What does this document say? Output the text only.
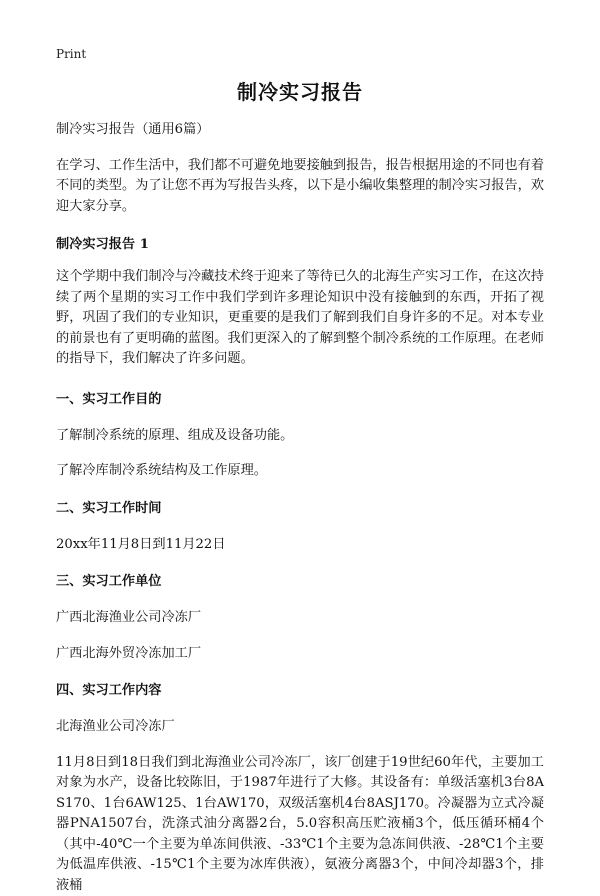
Print
制冷实习报告

制冷实习报告（通用6篇）

在学习、工作生活中，我们都不可避免地要接触到报告，报告根据用途的不同也有着不同的类型。为了让您不再为写报告头疼，以下是小编收集整理的制冷实习报告，欢迎大家分享。

制冷实习报告 1

这个学期中我们制冷与冷藏技术终于迎来了等待已久的北海生产实习工作，在这次持续了两个星期的实习工作中我们学到许多理论知识中没有接触到的东西，开拓了视野，巩固了我们的专业知识，更重要的是我们了解到我们自身许多的不足。对本专业的前景也有了更明确的蓝图。我们更深入的了解到整个制冷系统的工作原理。在老师的指导下，我们解决了许多问题。

一、实习工作目的

了解制冷系统的原理、组成及设备功能。

了解冷库制冷系统结构及工作原理。

二、实习工作时间

20xx年11月8日到11月22日

三、实习工作单位

广西北海渔业公司冷冻厂

广西北海外贸冷冻加工厂

四、实习工作内容

北海渔业公司冷冻厂

11月8日到18日我们到北海渔业公司冷冻厂，该厂创建于19世纪60年代，主要加工对象为水产，设备比较陈旧，于1987年进行了大修。其设备有：单级活塞机3台8AS170、1台6AW125、1台AW170，双级活塞机4台8ASJ170。冷凝器为立式冷凝器PNA1507台，洗涤式油分离器2台，5.0容积高压贮液桶3个，低压循环桶4个（其中-40℃一个主要为单冻间供液、-33℃1个主要为急冻间供液、-28℃1个主要为低温库供液、-15℃1个主要为冰库供液），氨液分离器3个，中间冷却器3个，排液桶
